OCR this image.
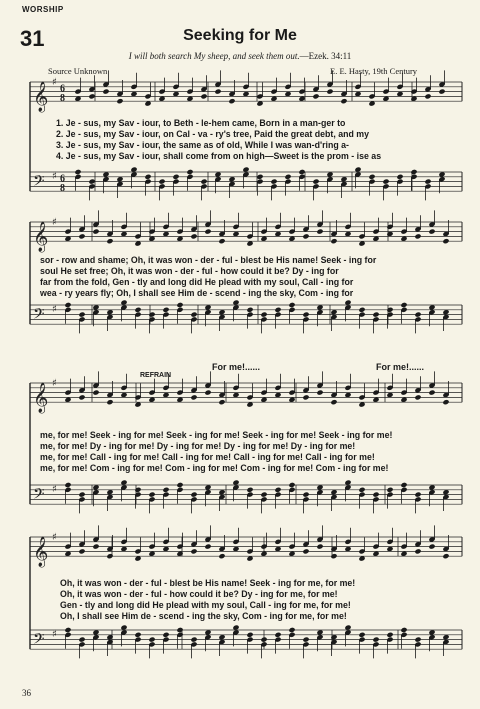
WORSHIP
31	Seeking for Me
I will both search My sheep, and seek them out.—Ezek. 34:11
Source Unknown	E. E. Hasty, 19th Century
𝄞
𝄢
♯
♯
6
8
6
8
𝄞
𝄢
♯
♯
𝄞
𝄢
♯
♯
𝄞
𝄢
♯
♯
1. Je - sus, my Sav - iour, to Beth - le-hem came, Born in a man-ger to
2. Je - sus, my Sav - iour, on Cal - va - ry's tree, Paid the great debt, and my
3. Je - sus, my Sav - iour, the same as of old, While I was wan-d'ring a-
4. Je - sus, my Sav - iour, shall come from on high—Sweet is the prom - ise as
sor - row and shame; Oh, it was won - der - ful - blest be His name! Seek - ing for
soul He set free; Oh, it was won - der - ful - how could it be? Dy - ing for
far from the fold, Gen - tly and long did He plead with my soul, Call - ing for
wea - ry years fly; Oh, I shall see Him de - scend - ing the sky, Com - ing for
REFRAIN
For me!......	For me!......
me, for me! Seek - ing for me! Seek - ing for me! Seek - ing for me! Seek - ing for me!
me, for me! Dy - ing for me! Dy - ing for me! Dy - ing for me! Dy - ing for me!
me, for me! Call - ing for me! Call - ing for me! Call - ing for me! Call - ing for me!
me, for me! Com - ing for me! Com - ing for me! Com - ing for me! Com - ing for me!
Oh, it was won - der - ful - blest be His name! Seek - ing for me, for me!
Oh, it was won - der - ful - how could it be? Dy - ing for me, for me!
Gen - tly and long did He plead with my soul, Call - ing for me, for me!
Oh, I shall see Him de - scend - ing the sky, Com - ing for me, for me!
36
